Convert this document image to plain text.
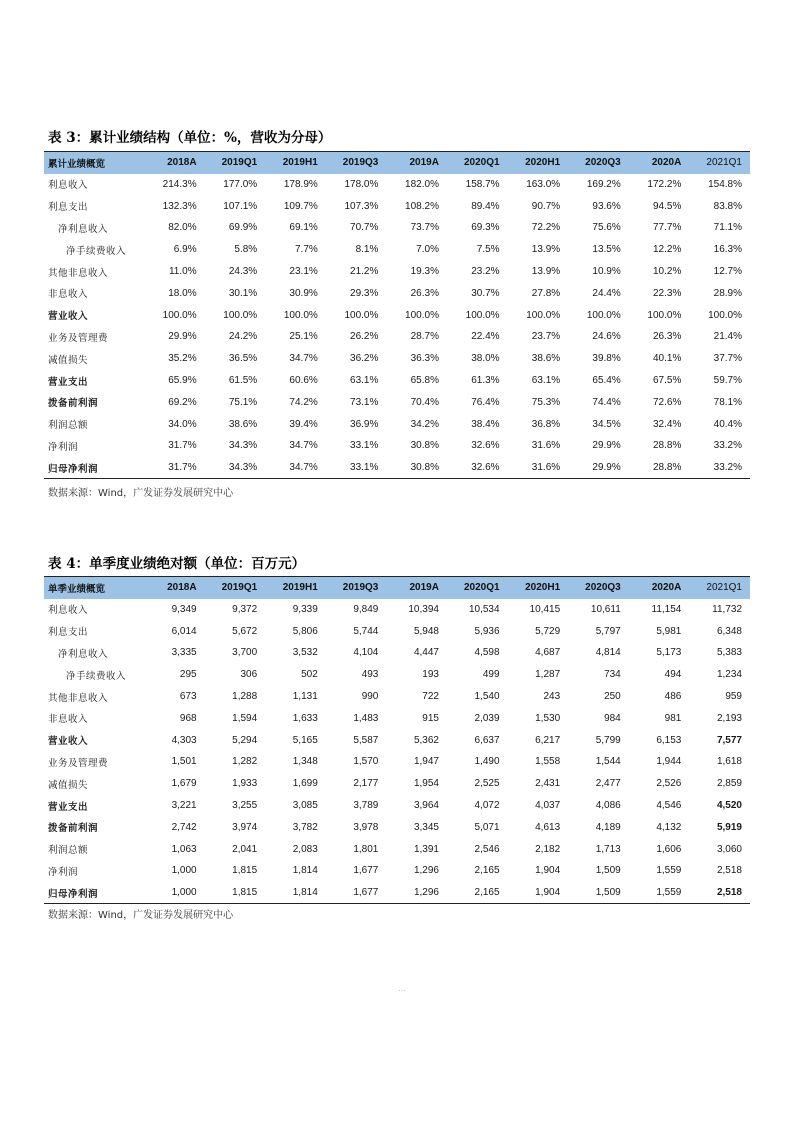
表 3：累计业绩结构（单位：%，营收为分母）
累计业绩概览	2018A	2019Q1	2019H1	2019Q3	2019A	2020Q1	2020H1	2020Q3	2020A	2021Q1
利息收入	214.3%	177.0%	178.9%	178.0%	182.0%	158.7%	163.0%	169.2%	172.2%	154.8%
利息支出	132.3%	107.1%	109.7%	107.3%	108.2%	89.4%	90.7%	93.6%	94.5%	83.8%
净利息收入	82.0%	69.9%	69.1%	70.7%	73.7%	69.3%	72.2%	75.6%	77.7%	71.1%
净手续费收入	6.9%	5.8%	7.7%	8.1%	7.0%	7.5%	13.9%	13.5%	12.2%	16.3%
其他非息收入	11.0%	24.3%	23.1%	21.2%	19.3%	23.2%	13.9%	10.9%	10.2%	12.7%
非息收入	18.0%	30.1%	30.9%	29.3%	26.3%	30.7%	27.8%	24.4%	22.3%	28.9%
营业收入	100.0%	100.0%	100.0%	100.0%	100.0%	100.0%	100.0%	100.0%	100.0%	100.0%
业务及管理费	29.9%	24.2%	25.1%	26.2%	28.7%	22.4%	23.7%	24.6%	26.3%	21.4%
减值损失	35.2%	36.5%	34.7%	36.2%	36.3%	38.0%	38.6%	39.8%	40.1%	37.7%
营业支出	65.9%	61.5%	60.6%	63.1%	65.8%	61.3%	63.1%	65.4%	67.5%	59.7%
拨备前利润	69.2%	75.1%	74.2%	73.1%	70.4%	76.4%	75.3%	74.4%	72.6%	78.1%
利润总额	34.0%	38.6%	39.4%	36.9%	34.2%	38.4%	36.8%	34.5%	32.4%	40.4%
净利润	31.7%	34.3%	34.7%	33.1%	30.8%	32.6%	31.6%	29.9%	28.8%	33.2%
归母净利润	31.7%	34.3%	34.7%	33.1%	30.8%	32.6%	31.6%	29.9%	28.8%	33.2%
数据来源：Wind，广发证券发展研究中心
表 4：单季度业绩绝对额（单位：百万元）
单季业绩概览	2018A	2019Q1	2019H1	2019Q3	2019A	2020Q1	2020H1	2020Q3	2020A	2021Q1
利息收入	9,349	9,372	9,339	9,849	10,394	10,534	10,415	10,611	11,154	11,732
利息支出	6,014	5,672	5,806	5,744	5,948	5,936	5,729	5,797	5,981	6,348
净利息收入	3,335	3,700	3,532	4,104	4,447	4,598	4,687	4,814	5,173	5,383
净手续费收入	295	306	502	493	193	499	1,287	734	494	1,234
其他非息收入	673	1,288	1,131	990	722	1,540	243	250	486	959
非息收入	968	1,594	1,633	1,483	915	2,039	1,530	984	981	2,193
营业收入	4,303	5,294	5,165	5,587	5,362	6,637	6,217	5,799	6,153	7,577
业务及管理费	1,501	1,282	1,348	1,570	1,947	1,490	1,558	1,544	1,944	1,618
减值损失	1,679	1,933	1,699	2,177	1,954	2,525	2,431	2,477	2,526	2,859
营业支出	3,221	3,255	3,085	3,789	3,964	4,072	4,037	4,086	4,546	4,520
拨备前利润	2,742	3,974	3,782	3,978	3,345	5,071	4,613	4,189	4,132	5,919
利润总额	1,063	2,041	2,083	1,801	1,391	2,546	2,182	1,713	1,606	3,060
净利润	1,000	1,815	1,814	1,677	1,296	2,165	1,904	1,509	1,559	2,518
归母净利润	1,000	1,815	1,814	1,677	1,296	2,165	1,904	1,509	1,559	2,518
数据来源：Wind，广发证券发展研究中心
···
